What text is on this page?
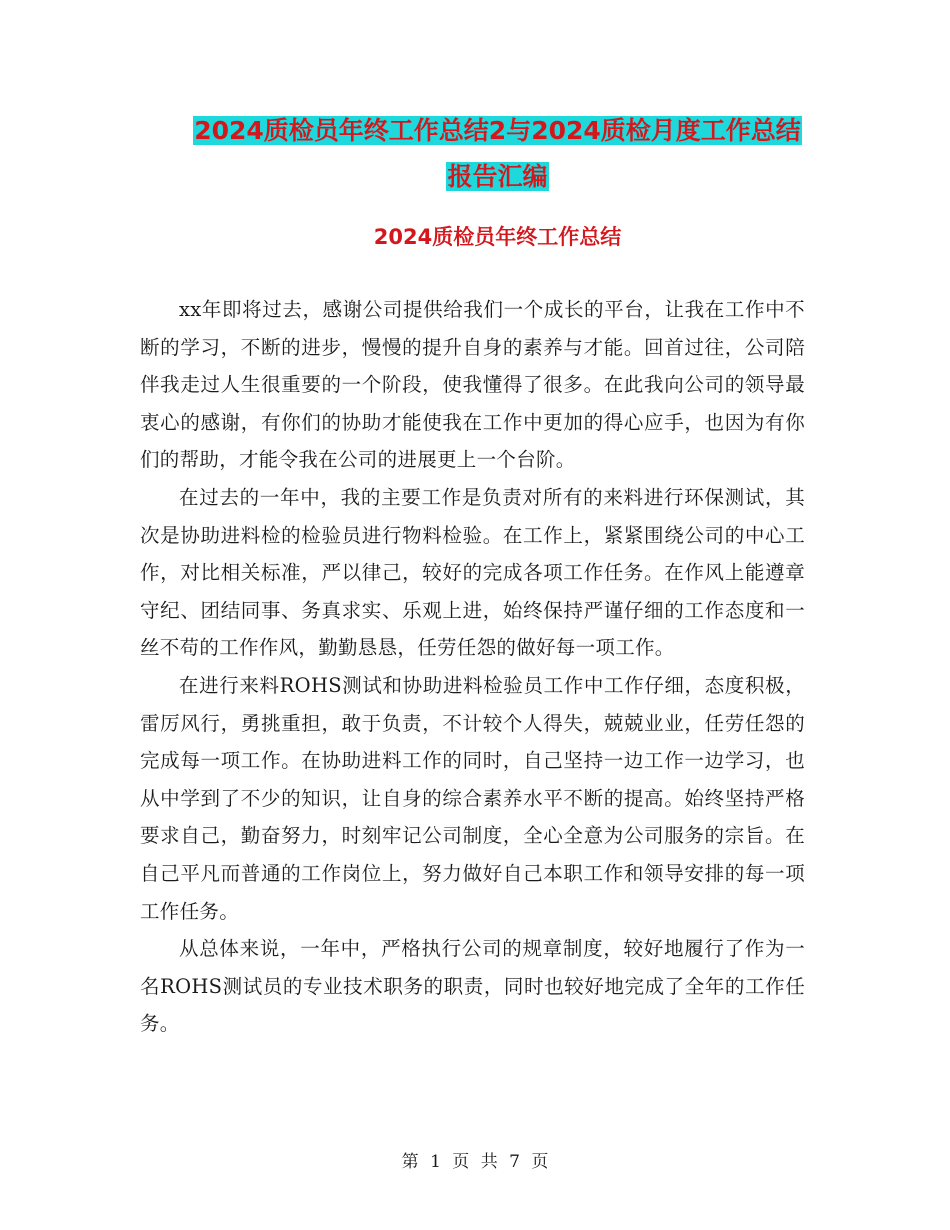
2024质检员年终工作总结2与2024质检月度工作总结
报告汇编
2024质检员年终工作总结

xx年即将过去，感谢公司提供给我们一个成长的平台，让我在工作中不断的学习，不断的进步，慢慢的提升自身的素养与才能。回首过往，公司陪伴我走过人生很重要的一个阶段，使我懂得了很多。在此我向公司的领导最衷心的感谢，有你们的协助才能使我在工作中更加的得心应手，也因为有你们的帮助，才能令我在公司的进展更上一个台阶。

在过去的一年中，我的主要工作是负责对所有的来料进行环保测试，其次是协助进料检的检验员进行物料检验。在工作上，紧紧围绕公司的中心工作，对比相关标准，严以律己，较好的完成各项工作任务。在作风上能遵章守纪、团结同事、务真求实、乐观上进，始终保持严谨仔细的工作态度和一丝不苟的工作作风，勤勤恳恳，任劳任怨的做好每一项工作。

在进行来料ROHS测试和协助进料检验员工作中工作仔细，态度积极，雷厉风行，勇挑重担，敢于负责，不计较个人得失，兢兢业业，任劳任怨的完成每一项工作。在协助进料工作的同时，自己坚持一边工作一边学习，也从中学到了不少的知识，让自身的综合素养水平不断的提高。始终坚持严格要求自己，勤奋努力，时刻牢记公司制度，全心全意为公司服务的宗旨。在自己平凡而普通的工作岗位上，努力做好自己本职工作和领导安排的每一项工作任务。

从总体来说，一年中，严格执行公司的规章制度，较好地履行了作为一名ROHS测试员的专业技术职务的职责，同时也较好地完成了全年的工作任务。

第 1 页 共 7 页
